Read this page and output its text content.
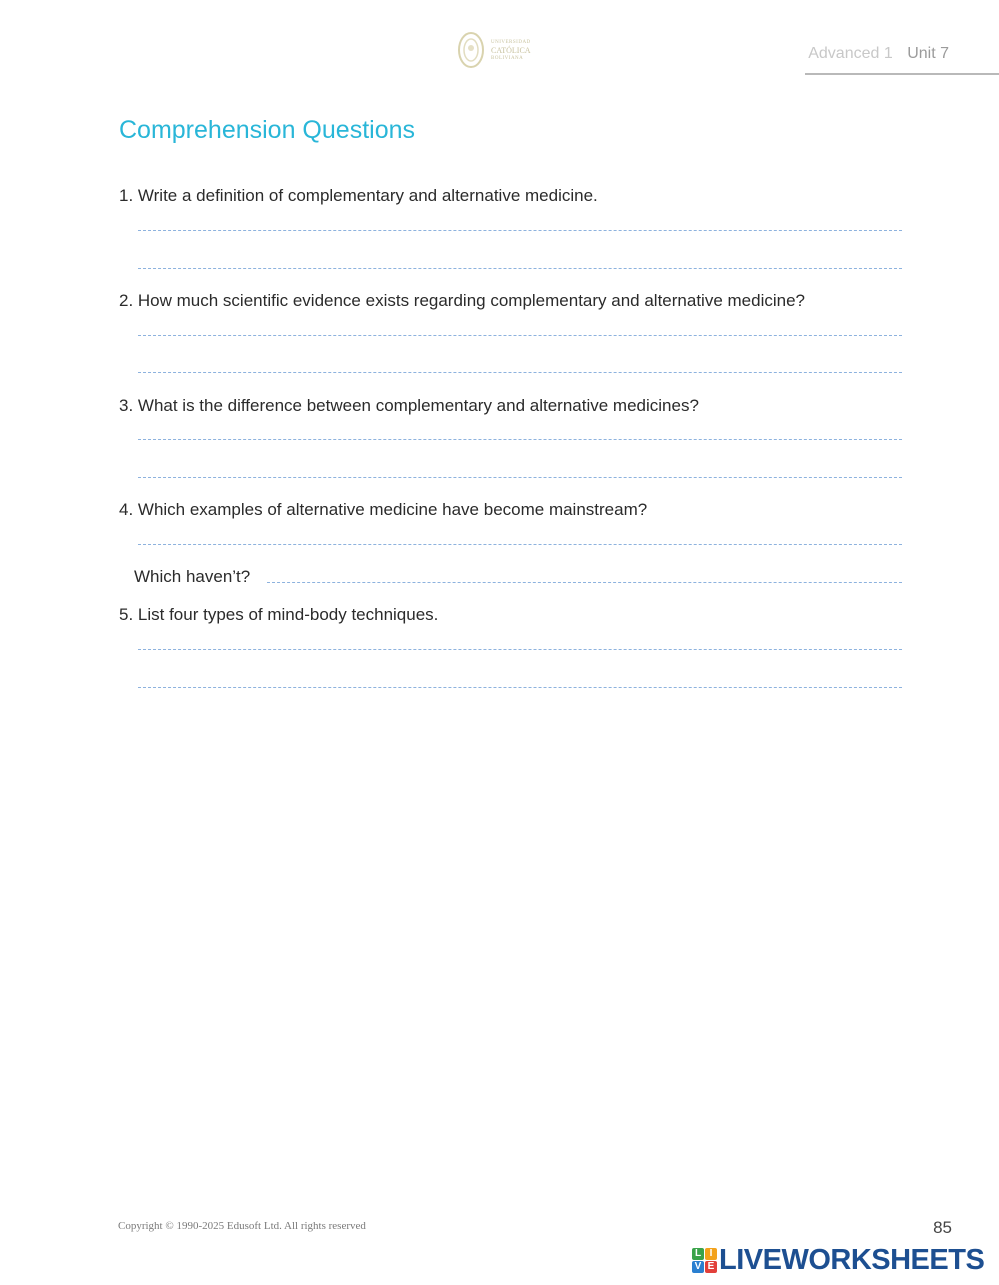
UNIVERSIDAD
CATÓLICA
BOLIVIANA	Advanced 1 Unit 7
Comprehension Questions
1. Write a definition of complementary and alternative medicine.
2. How much scientific evidence exists regarding complementary and alternative medicine?
3. What is the difference between complementary and alternative medicines?
4. Which examples of alternative medicine have become mainstream?
Which haven’t?
5. List four types of mind-body techniques.
Copyright © 1990-2025 Edusoft Ltd. All rights reserved	85
L I
V E LIVEWORKSHEETS
